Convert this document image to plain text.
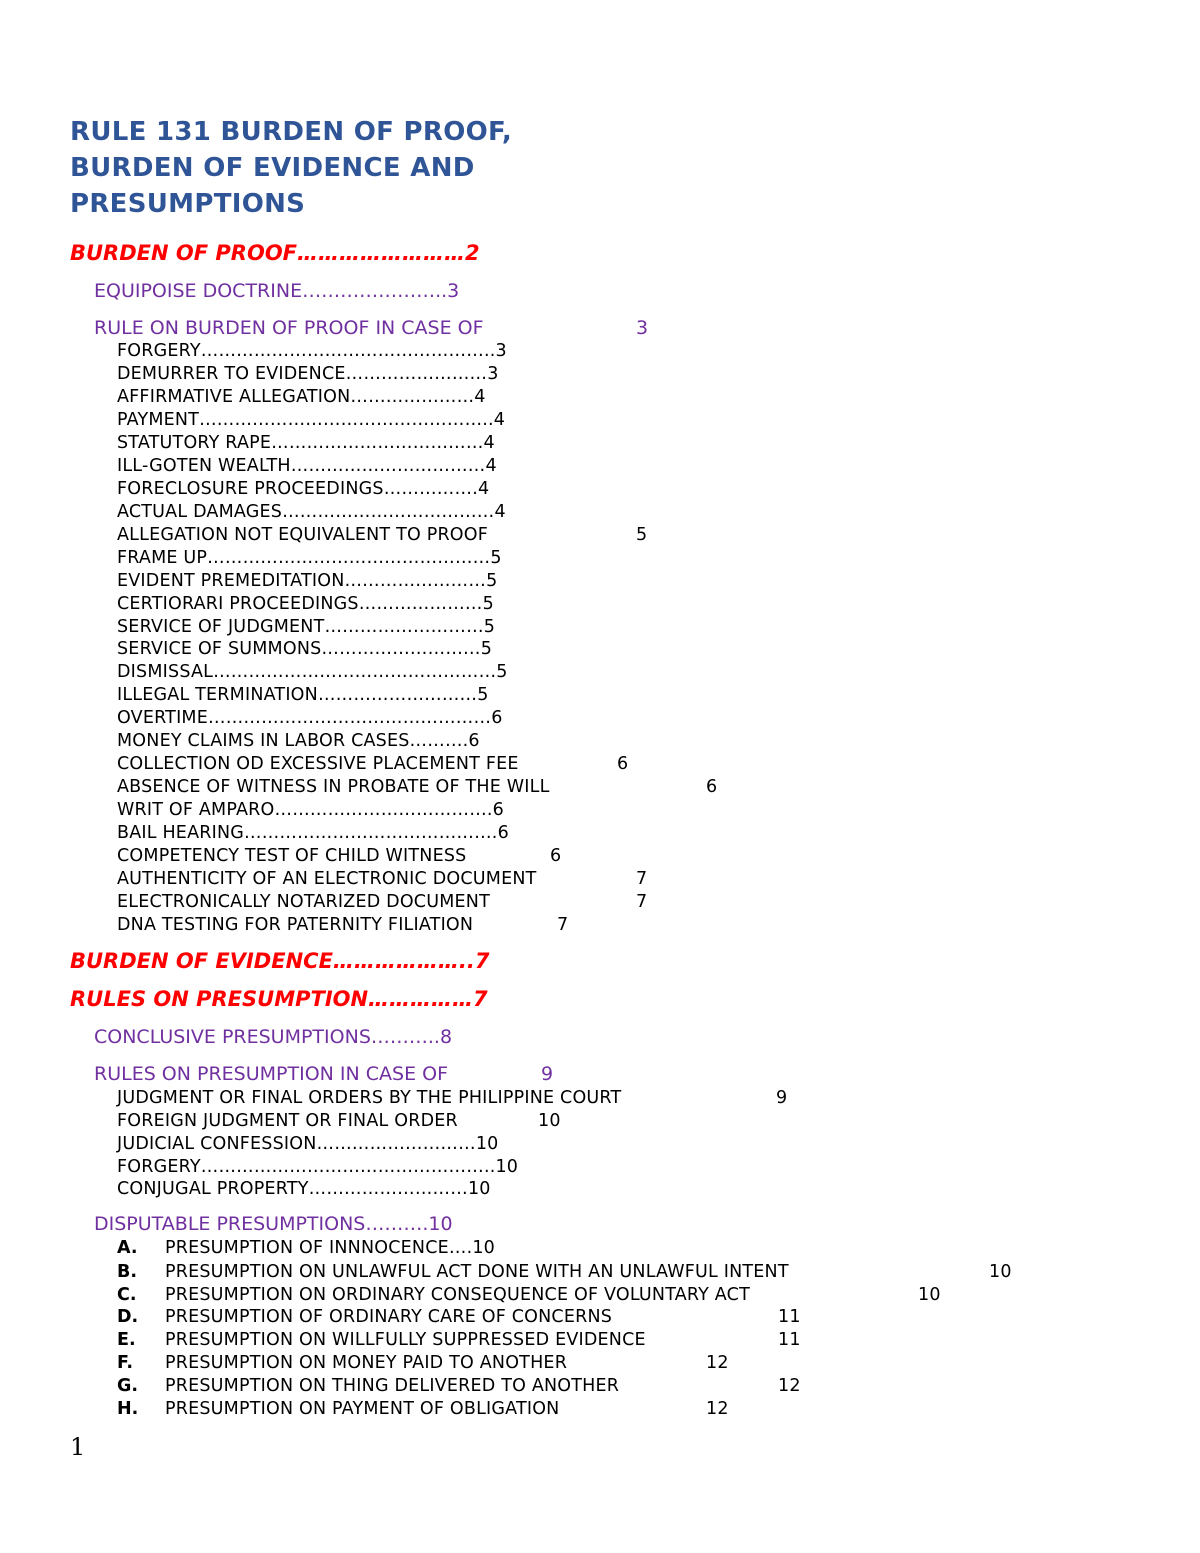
RULE 131 BURDEN OF PROOF,
BURDEN OF EVIDENCE AND
PRESUMPTIONS
BURDEN OF PROOF……………………2
EQUIPOISE DOCTRINE…………………..3
RULE ON BURDEN OF PROOF IN CASE OF	3
FORGERY…………………………………………..3
DEMURRER TO EVIDENCE……………………3
AFFIRMATIVE ALLEGATION…………………4
PAYMENT…………………………………………..4
STATUTORY RAPE………………………………4
ILL-GOTEN WEALTH……………………………4
FORECLOSURE PROCEEDINGS…………….4
ACTUAL DAMAGES………………………………4
ALLEGATION NOT EQUIVALENT TO PROOF	5
FRAME UP…………………………………………5
EVIDENT PREMEDITATION……………………5
CERTIORARI PROCEEDINGS…………………5
SERVICE OF JUDGMENT………………………5
SERVICE OF SUMMONS………………………5
DISMISSAL…………………………………………5
ILLEGAL TERMINATION………………………5
OVERTIME…………………………………………6
MONEY CLAIMS IN LABOR CASES……….6
COLLECTION OD EXCESSIVE PLACEMENT FEE	6
ABSENCE OF WITNESS IN PROBATE OF THE WILL	6
WRIT OF AMPARO……………………………….6
BAIL HEARING…………………………………….6
COMPETENCY TEST OF CHILD WITNESS	6
AUTHENTICITY OF AN ELECTRONIC DOCUMENT	7
ELECTRONICALLY NOTARIZED DOCUMENT	7
DNA TESTING FOR PATERNITY FILIATION	7
BURDEN OF EVIDENCE………………..7
RULES ON PRESUMPTION……………7
CONCLUSIVE PRESUMPTIONS………..8
RULES ON PRESUMPTION IN CASE OF	9
JUDGMENT OR FINAL ORDERS BY THE PHILIPPINE COURT	9
FOREIGN JUDGMENT OR FINAL ORDER	10
JUDICIAL CONFESSION………………………10
FORGERY…………………………………………..10
CONJUGAL PROPERTY………………………10
DISPUTABLE PRESUMPTIONS……….10
A. PRESUMPTION OF INNNOCENCE….10
B. PRESUMPTION ON UNLAWFUL ACT DONE WITH AN UNLAWFUL INTENT	10
C. PRESUMPTION ON ORDINARY CONSEQUENCE OF VOLUNTARY ACT	10
D. PRESUMPTION OF ORDINARY CARE OF CONCERNS	11
E. PRESUMPTION ON WILLFULLY SUPPRESSED EVIDENCE	11
F. PRESUMPTION ON MONEY PAID TO ANOTHER	12
G. PRESUMPTION ON THING DELIVERED TO ANOTHER	12
H. PRESUMPTION ON PAYMENT OF OBLIGATION	12
1
